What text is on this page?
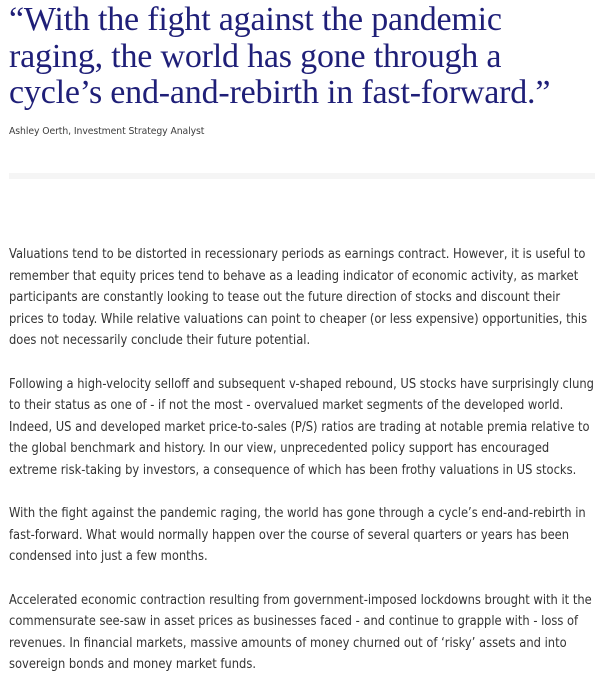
“With the fight against the pandemic
raging, the world has gone through a
cycle’s end-and-rebirth in fast-forward.”

Ashley Oerth, Investment Strategy Analyst

Valuations tend to be distorted in recessionary periods as earnings contract. However, it is useful to
remember that equity prices tend to behave as a leading indicator of economic activity, as market
participants are constantly looking to tease out the future direction of stocks and discount their
prices to today. While relative valuations can point to cheaper (or less expensive) opportunities, this
does not necessarily conclude their future potential.

Following a high-velocity selloff and subsequent v-shaped rebound, US stocks have surprisingly clung
to their status as one of - if not the most - overvalued market segments of the developed world.
Indeed, US and developed market price-to-sales (P/S) ratios are trading at notable premia relative to
the global benchmark and history. In our view, unprecedented policy support has encouraged
extreme risk-taking by investors, a consequence of which has been frothy valuations in US stocks.

With the fight against the pandemic raging, the world has gone through a cycle’s end-and-rebirth in
fast-forward. What would normally happen over the course of several quarters or years has been
condensed into just a few months.

Accelerated economic contraction resulting from government-imposed lockdowns brought with it the
commensurate see-saw in asset prices as businesses faced - and continue to grapple with - loss of
revenues. In financial markets, massive amounts of money churned out of ‘risky’ assets and into
sovereign bonds and money market funds.
